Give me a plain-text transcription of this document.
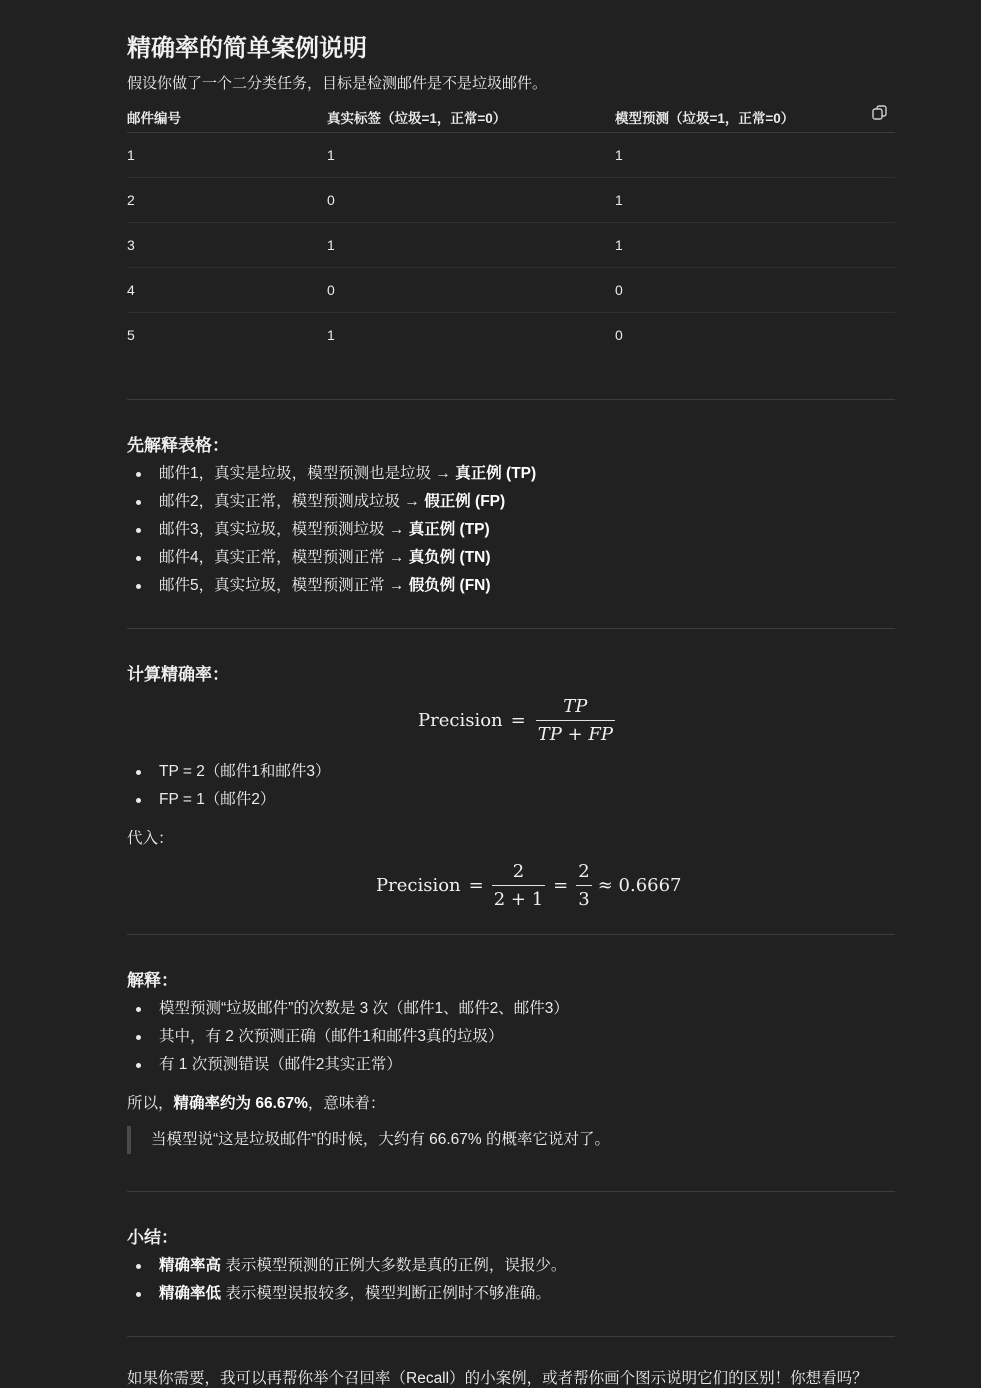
精确率的简单案例说明
假设你做了一个二分类任务，目标是检测邮件是不是垃圾邮件。
邮件编号	真实标签（垃圾=1，正常=0）	模型预测（垃圾=1，正常=0）
1	1	1
2	0	1
3	1	1
4	0	0
5	1	0
先解释表格：
邮件1，真实是垃圾，模型预测也是垃圾 → 真正例 (TP)
邮件2，真实正常，模型预测成垃圾 → 假正例 (FP)
邮件3，真实垃圾，模型预测垃圾 → 真正例 (TP)
邮件4，真实正常，模型预测正常 → 真负例 (TN)
邮件5，真实垃圾，模型预测正常 → 假负例 (FN)
计算精确率：
Precision = $\frac{TP}{TP + FP}$
TP = 2（邮件1和邮件3）
FP = 1（邮件2）
代入：
Precision = $\frac{2}{2 + 1} = \frac{2}{3} \approx 0.6667$
解释：
模型预测“垃圾邮件”的次数是 3 次（邮件1、邮件2、邮件3）
其中，有 2 次预测正确（邮件1和邮件3真的垃圾）
有 1 次预测错误（邮件2其实正常）
所以，精确率约为 66.67%，意味着：
当模型说“这是垃圾邮件”的时候，大约有 66.67% 的概率它说对了。
小结：
精确率高 表示模型预测的正例大多数是真的正例，误报少。
精确率低 表示模型误报较多，模型判断正例时不够准确。
如果你需要，我可以再帮你举个召回率（Recall）的小案例，或者帮你画个图示说明它们的区别！你想看吗？
